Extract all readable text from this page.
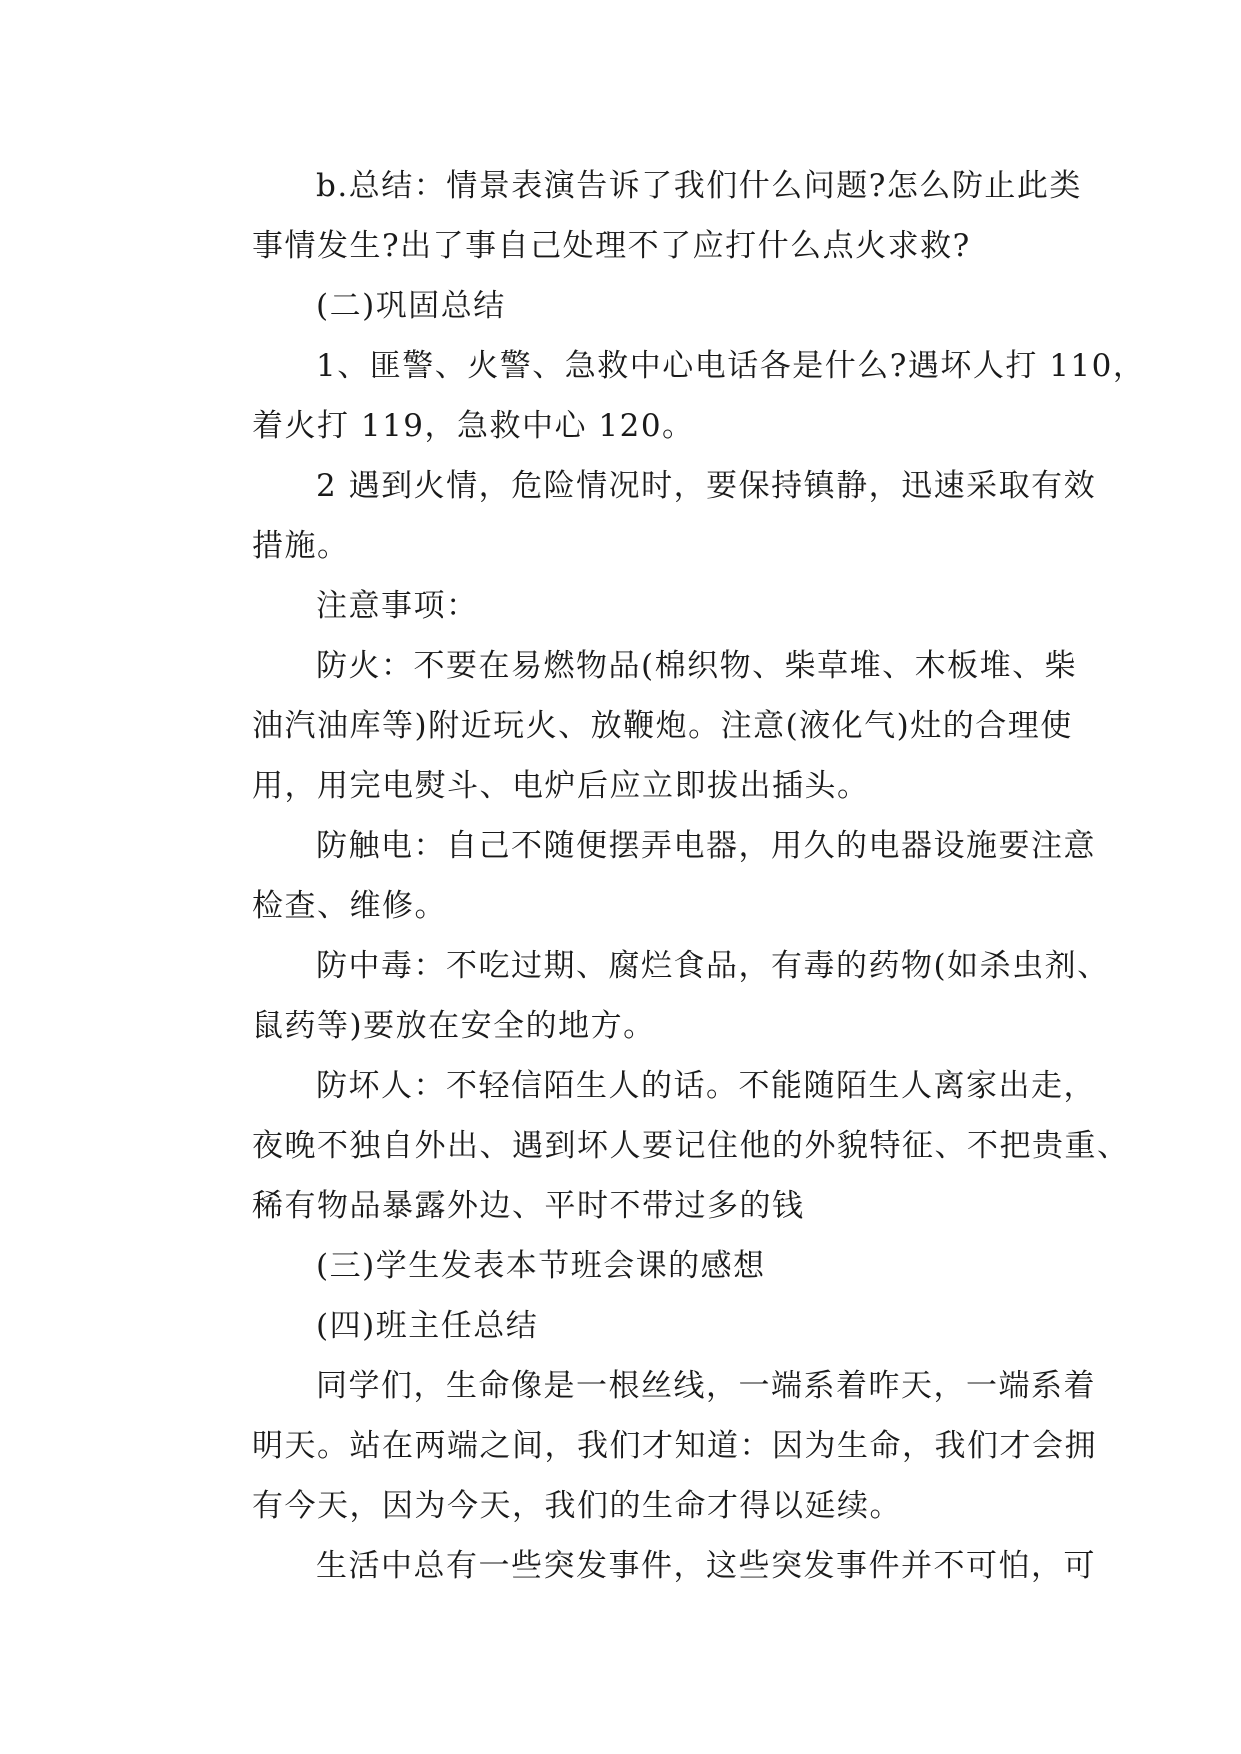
b.总结：情景表演告诉了我们什么问题?怎么防止此类
事情发生?出了事自己处理不了应打什么点火求救?
(二)巩固总结
1、匪警、火警、急救中心电话各是什么?遇坏人打 110，
着火打 119，急救中心 120。
2 遇到火情，危险情况时，要保持镇静，迅速采取有效
措施。
注意事项：
防火：不要在易燃物品(棉织物、柴草堆、木板堆、柴
油汽油库等)附近玩火、放鞭炮。注意(液化气)灶的合理使
用，用完电熨斗、电炉后应立即拔出插头。
防触电：自己不随便摆弄电器，用久的电器设施要注意
检查、维修。
防中毒：不吃过期、腐烂食品，有毒的药物(如杀虫剂、
鼠药等)要放在安全的地方。
防坏人：不轻信陌生人的话。不能随陌生人离家出走，
夜晚不独自外出、遇到坏人要记住他的外貌特征、不把贵重、
稀有物品暴露外边、平时不带过多的钱
(三)学生发表本节班会课的感想
(四)班主任总结
同学们，生命像是一根丝线，一端系着昨天，一端系着
明天。站在两端之间，我们才知道：因为生命，我们才会拥
有今天，因为今天，我们的生命才得以延续。
生活中总有一些突发事件，这些突发事件并不可怕，可
